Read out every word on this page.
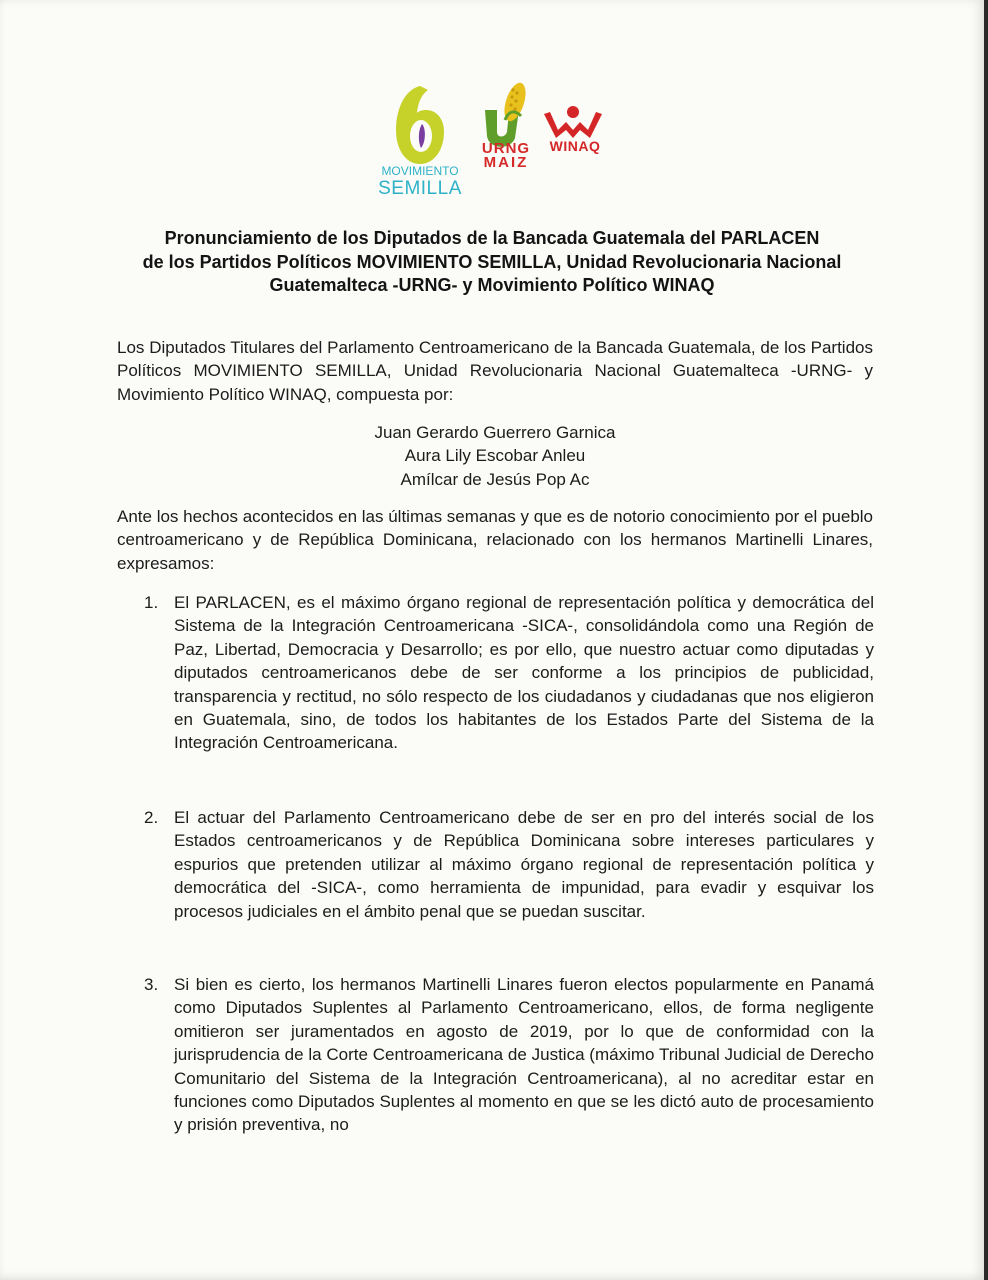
MOVIMIENTO
SEMILLA
URNG
MAIZ
WINAQ
Pronunciamiento de los Diputados de la Bancada Guatemala del PARLACEN
de los Partidos Políticos MOVIMIENTO SEMILLA, Unidad Revolucionaria Nacional
Guatemalteca -URNG- y Movimiento Político WINAQ
Los Diputados Titulares del Parlamento Centroamericano de la Bancada Guatemala, de los Partidos Políticos MOVIMIENTO SEMILLA, Unidad Revolucionaria Nacional Guatemalteca -URNG- y Movimiento Político WINAQ, compuesta por:
Juan Gerardo Guerrero Garnica
Aura Lily Escobar Anleu
Amílcar de Jesús Pop Ac
Ante los hechos acontecidos en las últimas semanas y que es de notorio conocimiento por el pueblo centroamericano y de República Dominicana, relacionado con los hermanos Martinelli Linares, expresamos:
1. El PARLACEN, es el máximo órgano regional de representación política y democrática del Sistema de la Integración Centroamericana -SICA-, consolidándola como una Región de Paz, Libertad, Democracia y Desarrollo; es por ello, que nuestro actuar como diputadas y diputados centroamericanos debe de ser conforme a los principios de publicidad, transparencia y rectitud, no sólo respecto de los ciudadanos y ciudadanas que nos eligieron en Guatemala, sino, de todos los habitantes de los Estados Parte del Sistema de la Integración Centroamericana.
2. El actuar del Parlamento Centroamericano debe de ser en pro del interés social de los Estados centroamericanos y de República Dominicana sobre intereses particulares y espurios que pretenden utilizar al máximo órgano regional de representación política y democrática del -SICA-, como herramienta de impunidad, para evadir y esquivar los procesos judiciales en el ámbito penal que se puedan suscitar.
3. Si bien es cierto, los hermanos Martinelli Linares fueron electos popularmente en Panamá como Diputados Suplentes al Parlamento Centroamericano, ellos, de forma negligente omitieron ser juramentados en agosto de 2019, por lo que de conformidad con la jurisprudencia de la Corte Centroamericana de Justica (máximo Tribunal Judicial de Derecho Comunitario del Sistema de la Integración Centroamericana), al no acreditar estar en funciones como Diputados Suplentes al momento en que se les dictó auto de procesamiento y prisión preventiva, no
